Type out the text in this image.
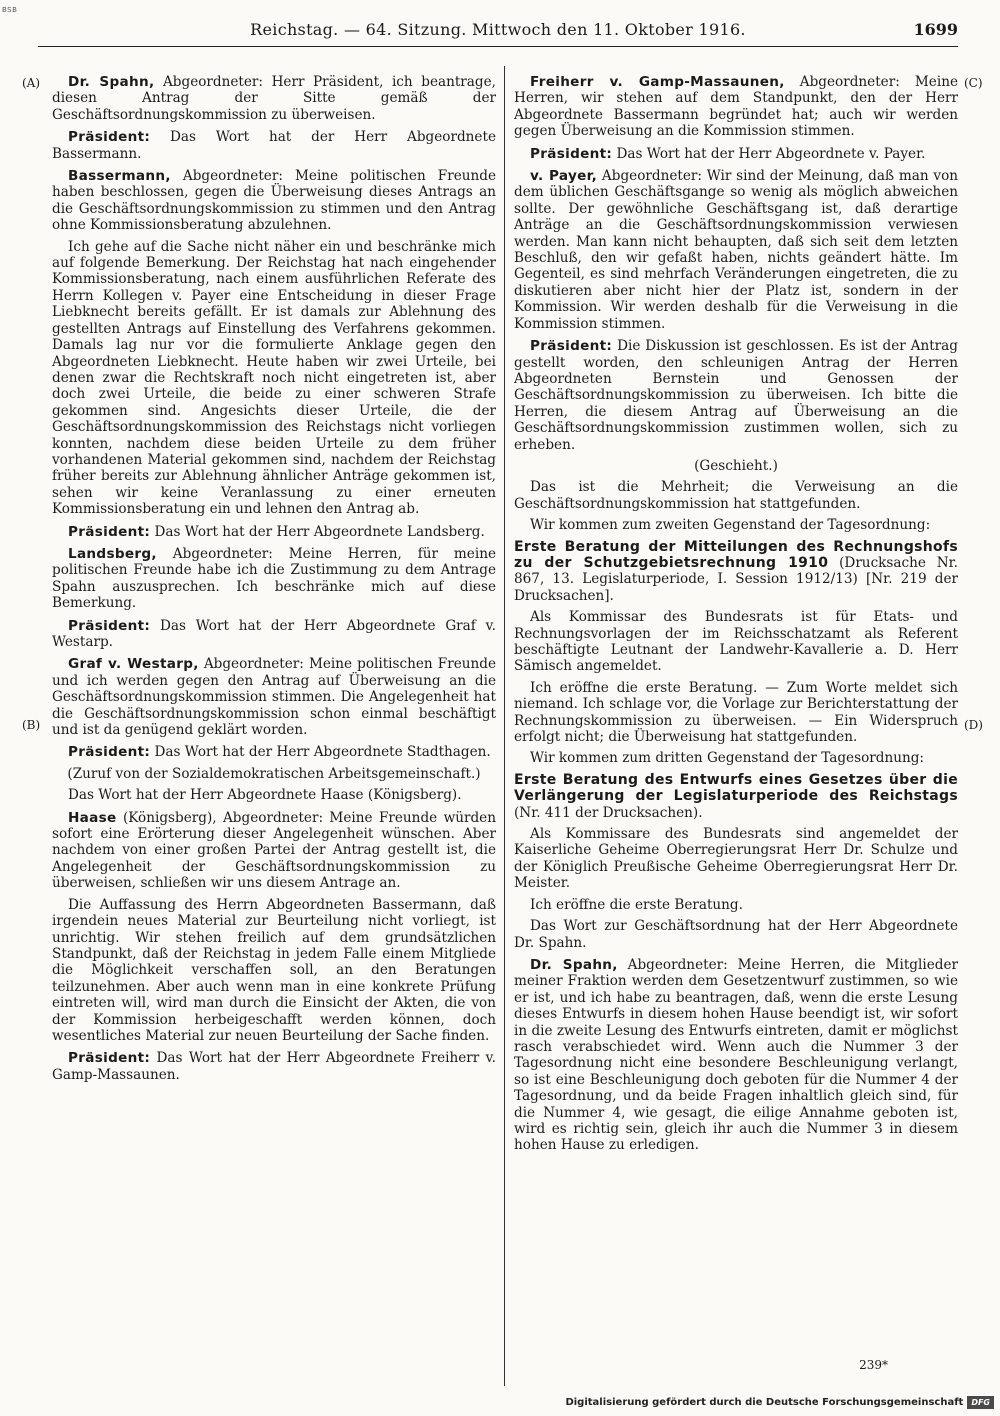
BSB
Reichstag. — 64. Sitzung. Mittwoch den 11. Oktober 1916.	1699
(A)
(B)
(C)
(D)

Dr. Spahn, Abgeordneter: Herr Präsident, ich beantrage, diesen Antrag der Sitte gemäß der Geschäftsordnungskommission zu überweisen.

Präsident: Das Wort hat der Herr Abgeordnete Bassermann.

Bassermann, Abgeordneter: Meine politischen Freunde haben beschlossen, gegen die Überweisung dieses Antrags an die Geschäftsordnungskommission zu stimmen und den Antrag ohne Kommissionsberatung abzulehnen.

Ich gehe auf die Sache nicht näher ein und beschränke mich auf folgende Bemerkung. Der Reichstag hat nach eingehender Kommissionsberatung, nach einem ausführlichen Referate des Herrn Kollegen v. Payer eine Entscheidung in dieser Frage Liebknecht bereits gefällt. Er ist damals zur Ablehnung des gestellten Antrags auf Einstellung des Verfahrens gekommen. Damals lag nur vor die formulierte Anklage gegen den Abgeordneten Liebknecht. Heute haben wir zwei Urteile, bei denen zwar die Rechtskraft noch nicht eingetreten ist, aber doch zwei Urteile, die beide zu einer schweren Strafe gekommen sind. Angesichts dieser Urteile, die der Geschäftsordnungskommission des Reichstags nicht vorliegen konnten, nachdem diese beiden Urteile zu dem früher vorhandenen Material gekommen sind, nachdem der Reichstag früher bereits zur Ablehnung ähnlicher Anträge gekommen ist, sehen wir keine Veranlassung zu einer erneuten Kommissionsberatung ein und lehnen den Antrag ab.

Präsident: Das Wort hat der Herr Abgeordnete Landsberg.

Landsberg, Abgeordneter: Meine Herren, für meine politischen Freunde habe ich die Zustimmung zu dem Antrage Spahn auszusprechen. Ich beschränke mich auf diese Bemerkung.

Präsident: Das Wort hat der Herr Abgeordnete Graf v. Westarp.

Graf v. Westarp, Abgeordneter: Meine politischen Freunde und ich werden gegen den Antrag auf Überweisung an die Geschäftsordnungskommission stimmen. Die Angelegenheit hat die Geschäftsordnungskommission schon einmal beschäftigt und ist da genügend geklärt worden.

Präsident: Das Wort hat der Herr Abgeordnete Stadthagen.

(Zuruf von der Sozialdemokratischen Arbeitsgemeinschaft.)

Das Wort hat der Herr Abgeordnete Haase (Königsberg).

Haase (Königsberg), Abgeordneter: Meine Freunde würden sofort eine Erörterung dieser Angelegenheit wünschen. Aber nachdem von einer großen Partei der Antrag gestellt ist, die Angelegenheit der Geschäftsordnungskommission zu überweisen, schließen wir uns diesem Antrage an.

Die Auffassung des Herrn Abgeordneten Bassermann, daß irgendein neues Material zur Beurteilung nicht vorliegt, ist unrichtig. Wir stehen freilich auf dem grundsätzlichen Standpunkt, daß der Reichstag in jedem Falle einem Mitgliede die Möglichkeit verschaffen soll, an den Beratungen teilzunehmen. Aber auch wenn man in eine konkrete Prüfung eintreten will, wird man durch die Einsicht der Akten, die von der Kommission herbeigeschafft werden können, doch wesentliches Material zur neuen Beurteilung der Sache finden.

Präsident: Das Wort hat der Herr Abgeordnete Freiherr v. Gamp-Massaunen.

Freiherr v. Gamp-Massaunen, Abgeordneter: Meine Herren, wir stehen auf dem Standpunkt, den der Herr Abgeordnete Bassermann begründet hat; auch wir werden gegen Überweisung an die Kommission stimmen.

Präsident: Das Wort hat der Herr Abgeordnete v. Payer.

v. Payer, Abgeordneter: Wir sind der Meinung, daß man von dem üblichen Geschäftsgange so wenig als möglich abweichen sollte. Der gewöhnliche Geschäftsgang ist, daß derartige Anträge an die Geschäftsordnungskommission verwiesen werden. Man kann nicht behaupten, daß sich seit dem letzten Beschluß, den wir gefaßt haben, nichts geändert hätte. Im Gegenteil, es sind mehrfach Veränderungen eingetreten, die zu diskutieren aber nicht hier der Platz ist, sondern in der Kommission. Wir werden deshalb für die Verweisung in die Kommission stimmen.

Präsident: Die Diskussion ist geschlossen. Es ist der Antrag gestellt worden, den schleunigen Antrag der Herren Abgeordneten Bernstein und Genossen der Geschäftsordnungskommission zu überweisen. Ich bitte die Herren, die diesem Antrag auf Überweisung an die Geschäftsordnungskommission zustimmen wollen, sich zu erheben.

(Geschieht.)

Das ist die Mehrheit; die Verweisung an die Geschäftsordnungskommission hat stattgefunden.

Wir kommen zum zweiten Gegenstand der Tagesordnung:

Erste Beratung der Mitteilungen des Rechnungshofs zu der Schutzgebietsrechnung 1910 (Drucksache Nr. 867, 13. Legislaturperiode, I. Session 1912/13) [Nr. 219 der Drucksachen].

Als Kommissar des Bundesrats ist für Etats- und Rechnungsvorlagen der im Reichsschatzamt als Referent beschäftigte Leutnant der Landwehr-Kavallerie a. D. Herr Sämisch angemeldet.

Ich eröffne die erste Beratung. — Zum Worte meldet sich niemand. Ich schlage vor, die Vorlage zur Berichterstattung der Rechnungskommission zu überweisen. — Ein Widerspruch erfolgt nicht; die Überweisung hat stattgefunden.

Wir kommen zum dritten Gegenstand der Tagesordnung:

Erste Beratung des Entwurfs eines Gesetzes über die Verlängerung der Legislaturperiode des Reichstags (Nr. 411 der Drucksachen).

Als Kommissare des Bundesrats sind angemeldet der Kaiserliche Geheime Oberregierungsrat Herr Dr. Schulze und der Königlich Preußische Geheime Oberregierungsrat Herr Dr. Meister.

Ich eröffne die erste Beratung.

Das Wort zur Geschäftsordnung hat der Herr Abgeordnete Dr. Spahn.

Dr. Spahn, Abgeordneter: Meine Herren, die Mitglieder meiner Fraktion werden dem Gesetzentwurf zustimmen, so wie er ist, und ich habe zu beantragen, daß, wenn die erste Lesung dieses Entwurfs in diesem hohen Hause beendigt ist, wir sofort in die zweite Lesung des Entwurfs eintreten, damit er möglichst rasch verabschiedet wird. Wenn auch die Nummer 3 der Tagesordnung nicht eine besondere Beschleunigung verlangt, so ist eine Beschleunigung doch geboten für die Nummer 4 der Tagesordnung, und da beide Fragen inhaltlich gleich sind, für die Nummer 4, wie gesagt, die eilige Annahme geboten ist, wird es richtig sein, gleich ihr auch die Nummer 3 in diesem hohen Hause zu erledigen.

239*
Digitalisierung gefördert durch die Deutsche Forschungsgemeinschaft	DFG
